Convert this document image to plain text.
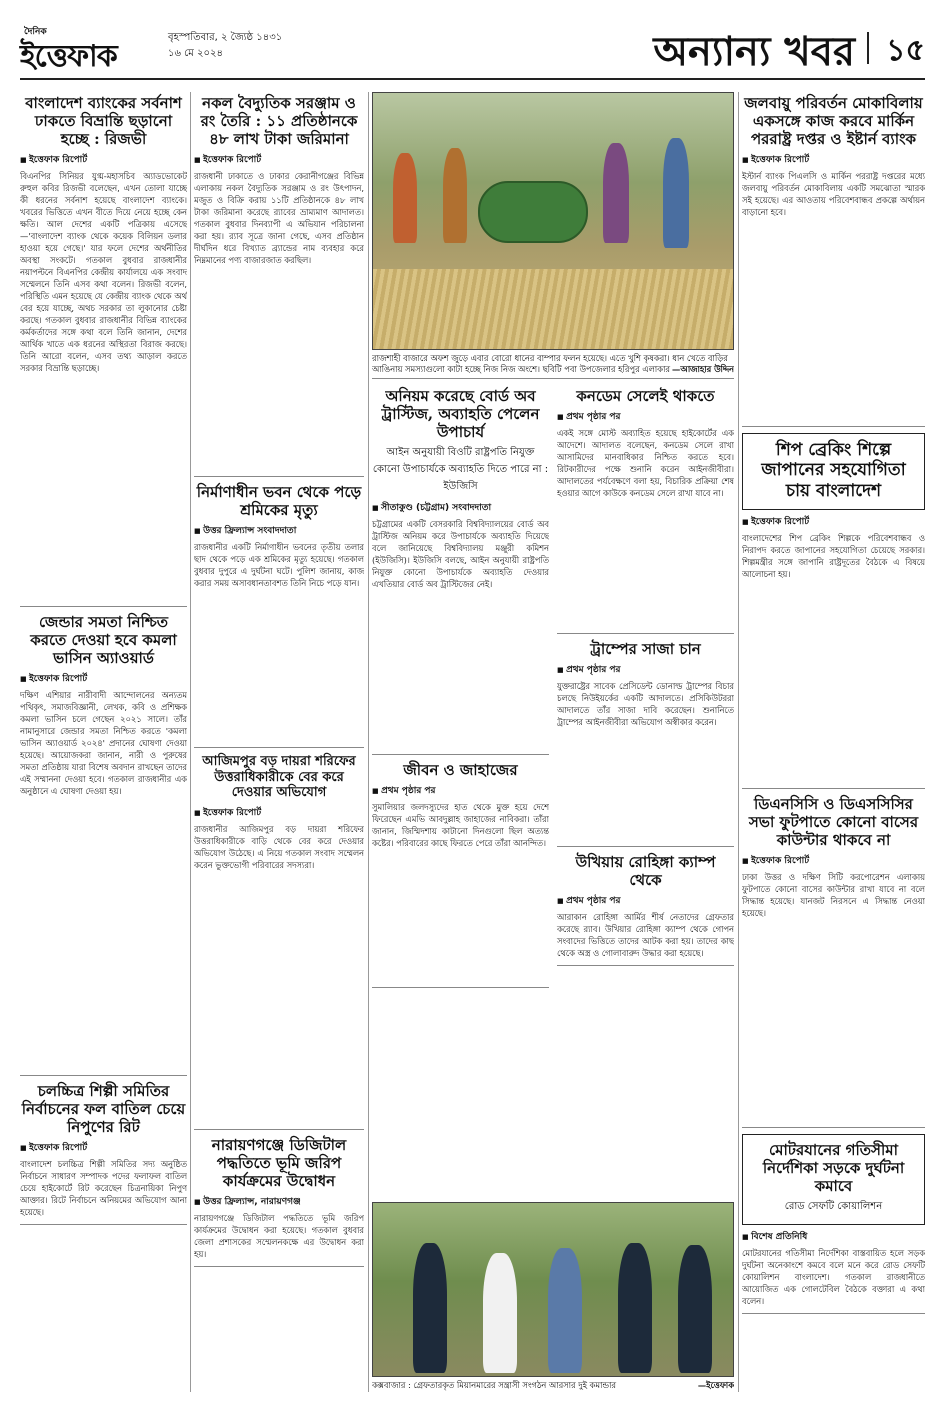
দৈনিক
ইত্তেফাক
বৃহস্পতিবার, ২ জ্যৈষ্ঠ ১৪৩১
১৬ মে ২০২৪	অন্যান্য খবর ১৫
বাংলাদেশ ব্যাংকের সর্বনাশ ঢাকতে বিভ্রান্তি ছড়ানো হচ্ছে : রিজভী
■ ইত্তেফাক রিপোর্ট
বিএনপির সিনিয়র যুগ্ম-মহাসচিব অ্যাডভোকেট রুহুল কবির রিজভী বলেছেন, এখন তোলা যাচ্ছে কী ধরনের সর্বনাশ হয়েছে বাংলাদেশ ব্যাংকে। খবরের ভিত্তিতে এখন বীতে দিয়ে নেয়ে হচ্ছে কেন ক্ষতি। আল দেশের একটি পত্রিকায় এসেছে—'বাংলাদেশ ব্যাংক থেকে কয়েক বিলিয়ন ডলার হাওয়া হয়ে গেছে।' যার ফলে দেশের অর্থনীতির অবস্থা সংকটে। গতকাল বুধবার রাজধানীর নয়াপল্টনে বিএনপির কেন্দ্রীয় কার্যালয়ে এক সংবাদ সম্মেলনে তিনি এসব কথা বলেন। রিজভী বলেন, পরিস্থিতি এমন হয়েছে যে কেন্দ্রীয় ব্যাংক থেকে অর্থ বের হয়ে যাচ্ছে, অথচ সরকার তা লুকানোর চেষ্টা করছে। গতকাল বুধবার রাজধানীর বিভিন্ন ব্যাংকের কর্মকর্তাদের সঙ্গে কথা বলে তিনি জানান, দেশের আর্থিক খাতে এক ধরনের অস্থিরতা বিরাজ করছে। তিনি আরো বলেন, এসব তথ্য আড়াল করতে সরকার বিভ্রান্তি ছড়াচ্ছে।
জেন্ডার সমতা নিশ্চিত করতে দেওয়া হবে কমলা ভাসিন অ্যাওয়ার্ড
■ ইত্তেফাক রিপোর্ট
দক্ষিণ এশিয়ার নারীবাদী আন্দোলনের অন্যতম পথিকৃৎ, সমাজবিজ্ঞানী, লেখক, কবি ও প্রশিক্ষক কমলা ভাসিন চলে গেছেন ২০২১ সালে। তাঁর নামানুসারে জেন্ডার সমতা নিশ্চিত করতে 'কমলা ভাসিন অ্যাওয়ার্ড ২০২৪' প্রদানের ঘোষণা দেওয়া হয়েছে। আয়োজকরা জানান, নারী ও পুরুষের সমতা প্রতিষ্ঠায় যারা বিশেষ অবদান রাখছেন তাদের এই সম্মাননা দেওয়া হবে। গতকাল রাজধানীর এক অনুষ্ঠানে এ ঘোষণা দেওয়া হয়।
চলচ্চিত্র শিল্পী সমিতির নির্বাচনের ফল বাতিল চেয়ে নিপুণের রিট
■ ইত্তেফাক রিপোর্ট
বাংলাদেশ চলচ্চিত্র শিল্পী সমিতির সদ্য অনুষ্ঠিত নির্বাচনে সাধারণ সম্পাদক পদের ফলাফল বাতিল চেয়ে হাইকোর্টে রিট করেছেন চিত্রনায়িকা নিপুণ আক্তার। রিটে নির্বাচনে অনিয়মের অভিযোগ আনা হয়েছে।
নকল বৈদ্যুতিক সরঞ্জাম ও রং তৈরি : ১১ প্রতিষ্ঠানকে ৪৮ লাখ টাকা জরিমানা
■ ইত্তেফাক রিপোর্ট
রাজধানী ঢাকাতে ও ঢাকার কেরানীগঞ্জের বিভিন্ন এলাকায় নকল বৈদ্যুতিক সরঞ্জাম ও রং উৎপাদন, মজুত ও বিক্রি করায় ১১টি প্রতিষ্ঠানকে ৪৮ লাখ টাকা জরিমানা করেছে র‍্যাবের ভ্রাম্যমাণ আদালত। গতকাল বুধবার দিনব্যাপী এ অভিযান পরিচালনা করা হয়। র‍্যাব সূত্রে জানা গেছে, এসব প্রতিষ্ঠান দীর্ঘদিন ধরে বিখ্যাত ব্র্যান্ডের নাম ব্যবহার করে নিম্নমানের পণ্য বাজারজাত করছিল।
নির্মাণাধীন ভবন থেকে পড়ে শ্রমিকের মৃত্যু
■ উত্তর ফ্রিল্যান্স সংবাদদাতা
রাজধানীর একটি নির্মাণাধীন ভবনের তৃতীয় তলার ছাদ থেকে পড়ে এক শ্রমিকের মৃত্যু হয়েছে। গতকাল বুধবার দুপুরে এ দুর্ঘটনা ঘটে। পুলিশ জানায়, কাজ করার সময় অসাবধানতাবশত তিনি নিচে পড়ে যান।
আজিমপুর বড় দায়রা শরিফের উত্তরাধিকারীকে বের করে দেওয়ার অভিযোগ
■ ইত্তেফাক রিপোর্ট
রাজধানীর আজিমপুর বড় দায়রা শরিফের উত্তরাধিকারীকে বাড়ি থেকে বের করে দেওয়ার অভিযোগ উঠেছে। এ নিয়ে গতকাল সংবাদ সম্মেলন করেন ভুক্তভোগী পরিবারের সদস্যরা।
নারায়ণগঞ্জে ডিজিটাল পদ্ধতিতে ভূমি জরিপ কার্যক্রমের উদ্বোধন
■ উত্তর ফ্রিল্যান্স, নারায়ণগঞ্জ
নারায়ণগঞ্জে ডিজিটাল পদ্ধতিতে ভূমি জরিপ কার্যক্রমের উদ্বোধন করা হয়েছে। গতকাল বুধবার জেলা প্রশাসকের সম্মেলনকক্ষে এর উদ্বোধন করা হয়।
রাজশাহী বাজারে অফশ জুড়ে এবার বোরো ধানের বাম্পার ফলন হয়েছে। এতে খুশি কৃষকরা। ধান খেতে বাড়ির আঙিনায় সমস্যাগুলো কাটা হচ্ছে নিজ নিজ অংশে। ছবিটি পবা উপজেলার হরিপুর এলাকার —আজাহার উদ্দিন
অনিয়ম করেছে বোর্ড অব ট্রাস্টিজ, অব্যাহতি পেলেন উপাচার্য
আইন অনুযায়ী বিওটি রাষ্ট্রপতি নিযুক্ত কোনো উপাচার্যকে অব্যাহতি দিতে পারে না : ইউজিসি
■ সীতাকুণ্ড (চট্টগ্রাম) সংবাদদাতা
চট্টগ্রামের একটি বেসরকারি বিশ্ববিদ্যালয়ের বোর্ড অব ট্রাস্টিজ অনিয়ম করে উপাচার্যকে অব্যাহতি দিয়েছে বলে জানিয়েছে বিশ্ববিদ্যালয় মঞ্জুরী কমিশন (ইউজিসি)। ইউজিসি বলছে, আইন অনুযায়ী রাষ্ট্রপতি নিযুক্ত কোনো উপাচার্যকে অব্যাহতি দেওয়ার এখতিয়ার বোর্ড অব ট্রাস্টিজের নেই।
জীবন ও জাহাজের
■ প্রথম পৃষ্ঠার পর
সুমালিয়ার জলদস্যুদের হাত থেকে মুক্ত হয়ে দেশে ফিরেছেন এমভি আবদুল্লাহ জাহাজের নাবিকরা। তাঁরা জানান, জিম্মিদশায় কাটানো দিনগুলো ছিল অত্যন্ত কষ্টের। পরিবারের কাছে ফিরতে পেরে তাঁরা আনন্দিত।
কনডেম সেলেই থাকতে
■ প্রথম পৃষ্ঠার পর
একই সঙ্গে মোস্ট অব্যাহিত হয়েছে হাইকোর্টের এক আদেশে। আদালত বলেছেন, কনডেম সেলে রাখা আসামিদের মানবাধিকার নিশ্চিত করতে হবে। রিটকারীদের পক্ষে শুনানি করেন আইনজীবীরা। আদালতের পর্যবেক্ষণে বলা হয়, বিচারিক প্রক্রিয়া শেষ হওয়ার আগে কাউকে কনডেম সেলে রাখা যাবে না।
ট্রাম্পের সাজা চান
■ প্রথম পৃষ্ঠার পর
যুক্তরাষ্ট্রের সাবেক প্রেসিডেন্ট ডোনাল্ড ট্রাম্পের বিচার চলছে নিউইয়র্কের একটি আদালতে। প্রসিকিউটররা আদালতে তাঁর সাজা দাবি করেছেন। শুনানিতে ট্রাম্পের আইনজীবীরা অভিযোগ অস্বীকার করেন।
উখিয়ায় রোহিঙ্গা ক্যাম্প থেকে
■ প্রথম পৃষ্ঠার পর
আরাকান রোহিঙ্গা আর্মির শীর্ষ নেতাদের গ্রেফতার করেছে র‍্যাব। উখিয়ার রোহিঙ্গা ক্যাম্প থেকে গোপন সংবাদের ভিত্তিতে তাদের আটক করা হয়। তাদের কাছ থেকে অস্ত্র ও গোলাবারুদ উদ্ধার করা হয়েছে।
কক্সবাজার : গ্রেফতারকৃত মিয়ানমারের সন্ত্রাসী সংগঠন আরসার দুই কমান্ডার	—ইত্তেফাক
জলবায়ু পরিবর্তন মোকাবিলায় একসঙ্গে কাজ করবে মার্কিন পররাষ্ট্র দপ্তর ও ইষ্টার্ন ব্যাংক
■ ইত্তেফাক রিপোর্ট
ইস্টার্ন ব্যাংক পিএলসি ও মার্কিন পররাষ্ট্র দপ্তরের মধ্যে জলবায়ু পরিবর্তন মোকাবিলায় একটি সমঝোতা স্মারক সই হয়েছে। এর আওতায় পরিবেশবান্ধব প্রকল্পে অর্থায়ন বাড়ানো হবে।
শিপ ব্রেকিং শিল্পে জাপানের সহযোগিতা চায় বাংলাদেশ
■ ইত্তেফাক রিপোর্ট
বাংলাদেশের শিপ ব্রেকিং শিল্পকে পরিবেশবান্ধব ও নিরাপদ করতে জাপানের সহযোগিতা চেয়েছে সরকার। শিল্পমন্ত্রীর সঙ্গে জাপানি রাষ্ট্রদূতের বৈঠকে এ বিষয়ে আলোচনা হয়।
ডিএনসিসি ও ডিএসসিসির সভা ফুটপাতে কোনো বাসের কাউন্টার থাকবে না
■ ইত্তেফাক রিপোর্ট
ঢাকা উত্তর ও দক্ষিণ সিটি করপোরেশন এলাকায় ফুটপাতে কোনো বাসের কাউন্টার রাখা যাবে না বলে সিদ্ধান্ত হয়েছে। যানজট নিরসনে এ সিদ্ধান্ত নেওয়া হয়েছে।
মোটরযানের গতিসীমা নির্দেশিকা সড়কে দুর্ঘটনা কমাবে
রোড সেফটি কোয়ালিশন
■ বিশেষ প্রতিনিধি
মোটরযানের গতিসীমা নির্দেশিকা বাস্তবায়িত হলে সড়ক দুর্ঘটনা অনেকাংশে কমবে বলে মনে করে রোড সেফটি কোয়ালিশন বাংলাদেশ। গতকাল রাজধানীতে আয়োজিত এক গোলটেবিল বৈঠকে বক্তারা এ কথা বলেন।
